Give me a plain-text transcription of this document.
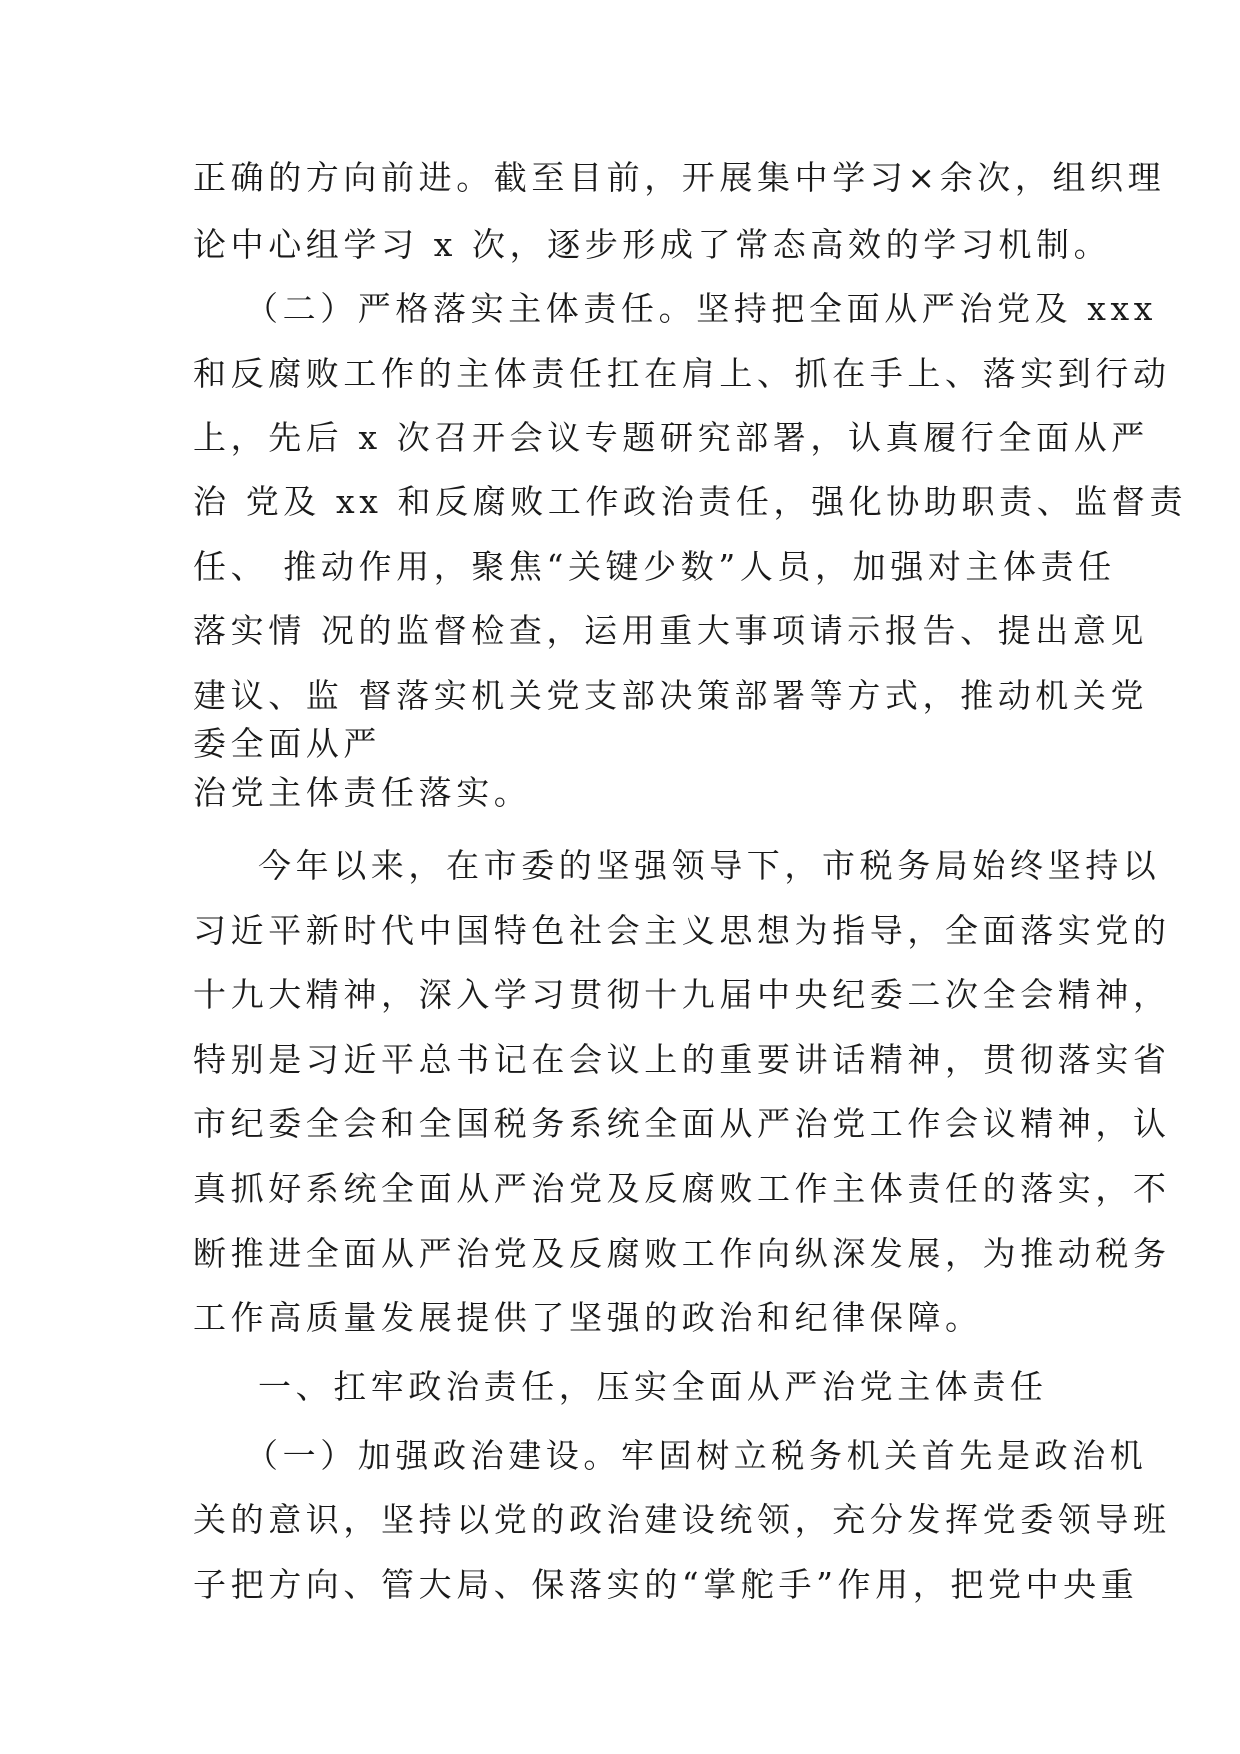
正确的方向前进。截至目前，开展集中学习×余次，组织理
论中心组学习 x 次，逐步形成了常态高效的学习机制。
（二）严格落实主体责任。坚持把全面从严治党及 xxx
和反腐败工作的主体责任扛在肩上、抓在手上、落实到行动
上，先后 x 次召开会议专题研究部署，认真履行全面从严
治 党及 xx 和反腐败工作政治责任，强化协助职责、监督责
任、 推动作用，聚焦“关键少数”人员，加强对主体责任
落实情 况的监督检查，运用重大事项请示报告、提出意见
建议、监 督落实机关党支部决策部署等方式，推动机关党
委全面从严
治党主体责任落实。
今年以来，在市委的坚强领导下，市税务局始终坚持以
习近平新时代中国特色社会主义思想为指导，全面落实党的
十九大精神，深入学习贯彻十九届中央纪委二次全会精神，
特别是习近平总书记在会议上的重要讲话精神，贯彻落实省
市纪委全会和全国税务系统全面从严治党工作会议精神，认
真抓好系统全面从严治党及反腐败工作主体责任的落实，不
断推进全面从严治党及反腐败工作向纵深发展，为推动税务
工作高质量发展提供了坚强的政治和纪律保障。
一、扛牢政治责任，压实全面从严治党主体责任
（一）加强政治建设。牢固树立税务机关首先是政治机
关的意识，坚持以党的政治建设统领，充分发挥党委领导班
子把方向、管大局、保落实的“掌舵手”作用，把党中央重
